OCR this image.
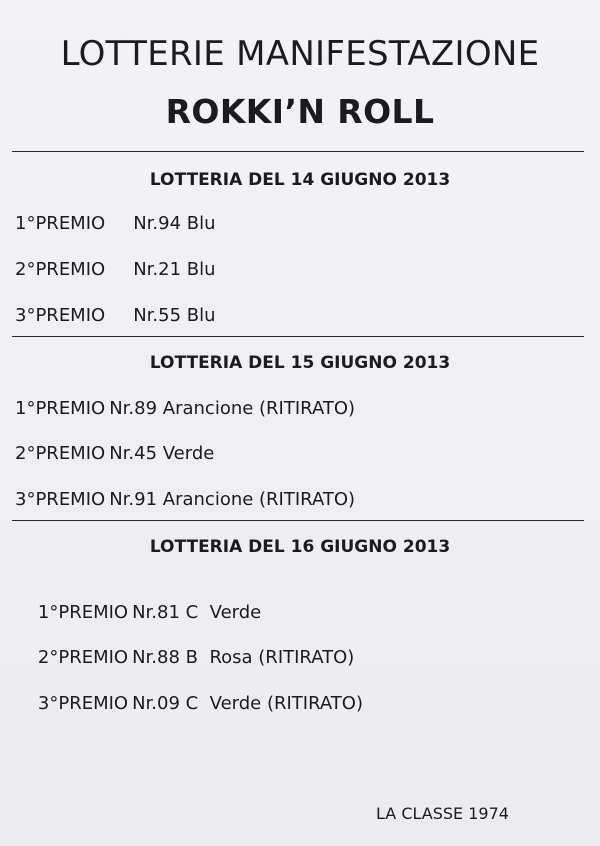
LOTTERIE MANIFESTAZIONE
ROKKI’N ROLL
LOTTERIA DEL 14 GIUGNO 2013
1°PREMIO Nr.94 Blu
2°PREMIO Nr.21 Blu
3°PREMIO Nr.55 Blu
LOTTERIA DEL 15 GIUGNO 2013
1°PREMIO Nr.89 Arancione (RITIRATO)
2°PREMIO Nr.45 Verde
3°PREMIO Nr.91 Arancione (RITIRATO)
LOTTERIA DEL 16 GIUGNO 2013

1°PREMIO Nr.81 C  Verde

2°PREMIO Nr.88 B  Rosa (RITIRATO)

3°PREMIO Nr.09 C  Verde (RITIRATO)

LA CLASSE 1974
